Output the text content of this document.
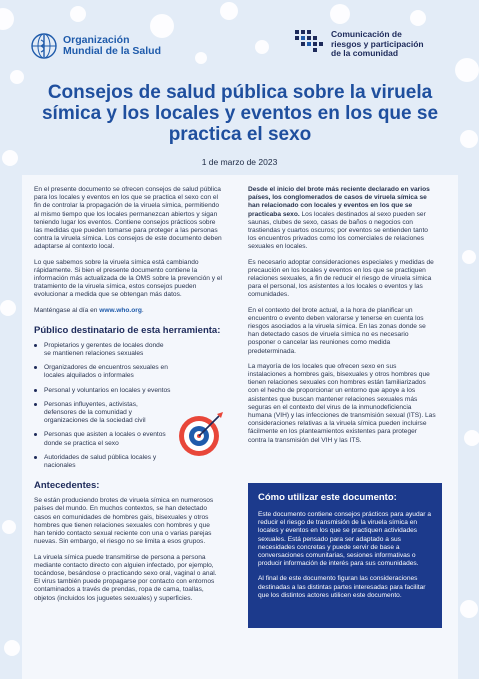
Organización
Mundial de la Salud
Comunicación de
riesgos y participación
de la comunidad
Consejos de salud pública sobre la viruela símica y los locales y eventos en los que se practica el sexo
1 de marzo de 2023

En el presente documento se ofrecen consejos de salud pública para los locales y eventos en los que se practica el sexo con el fin de controlar la propagación de la viruela símica, permitiendo al mismo tiempo que los locales permanezcan abiertos y sigan teniendo lugar los eventos. Contiene consejos prácticos sobre las medidas que pueden tomarse para proteger a las personas contra la viruela símica. Los consejos de este documento deben adaptarse al contexto local.

Lo que sabemos sobre la viruela símica está cambiando rápidamente. Si bien el presente documento contiene la información más actualizada de la OMS sobre la prevención y el tratamiento de la viruela símica, estos consejos pueden evolucionar a medida que se obtengan más datos.

Manténgase al día en www.who.org.

Público destinatario de esta herramienta:
Propietarios y gerentes de locales donde se mantienen relaciones sexuales
Organizadores de encuentros sexuales en locales alquilados o informales
Personal y voluntarios en locales y eventos
Personas influyentes, activistas, defensores de la comunidad y organizaciones de la sociedad civil
Personas que asisten a locales o eventos donde se practica el sexo
Autoridades de salud pública locales y nacionales
Antecedentes:

Se están produciendo brotes de viruela símica en numerosos países del mundo. En muchos contextos, se han detectado casos en comunidades de hombres gais, bisexuales y otros hombres que tienen relaciones sexuales con hombres y que han tenido contacto sexual reciente con una o varias parejas nuevas. Sin embargo, el riesgo no se limita a esos grupos.

La viruela símica puede transmitirse de persona a persona mediante contacto directo con alguien infectado, por ejemplo, tocándose, besándose o practicando sexo oral, vaginal o anal. El virus también puede propagarse por contacto con entornos contaminados a través de prendas, ropa de cama, toallas, objetos (incluidos los juguetes sexuales) y superficies.

Desde el inicio del brote más reciente declarado en varios países, los conglomerados de casos de viruela símica se han relacionado con locales y eventos en los que se practicaba sexo. Los locales destinados al sexo pueden ser saunas, clubes de sexo, casas de baños o negocios con trastiendas y cuartos oscuros; por eventos se entienden tanto los encuentros privados como los comerciales de relaciones sexuales en locales.

Es necesario adoptar consideraciones especiales y medidas de precaución en los locales y eventos en los que se practiquen relaciones sexuales, a fin de reducir el riesgo de viruela símica para el personal, los asistentes a los locales o eventos y las comunidades.

En el contexto del brote actual, a la hora de planificar un encuentro o evento deben valorarse y tenerse en cuenta los riesgos asociados a la viruela símica. En las zonas donde se han detectado casos de viruela símica no es necesario posponer o cancelar las reuniones como medida predeterminada.

La mayoría de los locales que ofrecen sexo en sus instalaciones a hombres gais, bisexuales y otros hombres que tienen relaciones sexuales con hombres están familiarizados con el hecho de proporcionar un entorno que apoye a los asistentes que buscan mantener relaciones sexuales más seguras en el contexto del virus de la inmunodeficiencia humana (VIH) y las infecciones de transmisión sexual (ITS). Las consideraciones relativas a la viruela símica pueden incluirse fácilmente en los planteamientos existentes para proteger contra la transmisión del VIH y las ITS.

Cómo utilizar este documento:

Este documento contiene consejos prácticos para ayudar a reducir el riesgo de transmisión de la viruela símica en locales y eventos en los que se practiquen actividades sexuales. Está pensado para ser adaptado a sus necesidades concretas y puede servir de base a conversaciones comunitarias, sesiones informativas o producir información de interés para sus comunidades.

Al final de este documento figuran las consideraciones destinadas a las distintas partes interesadas para facilitar que los distintos actores utilicen este documento.
